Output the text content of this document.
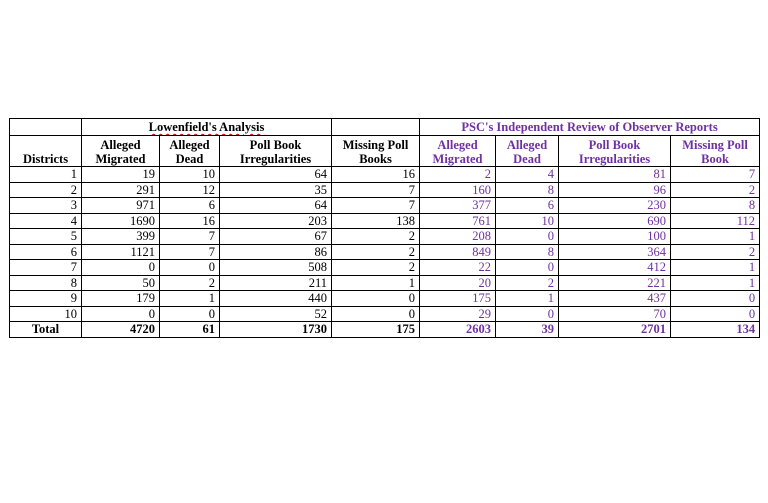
	Lowenfield's Analysis				PSC's Independent Review of Observer Reports			
Districts	Alleged Migrated	Alleged Dead	Poll Book Irregularities	Missing Poll Books	Alleged Migrated	Alleged Dead	Poll Book Irregularities	Missing Poll Book
1	19	10	64	16	2	4	81	7
2	291	12	35	7	160	8	96	2
3	971	6	64	7	377	6	230	8
4	1690	16	203	138	761	10	690	112
5	399	7	67	2	208	0	100	1
6	1121	7	86	2	849	8	364	2
7	0	0	508	2	22	0	412	1
8	50	2	211	1	20	2	221	1
9	179	1	440	0	175	1	437	0
10	0	0	52	0	29	0	70	0
Total	4720	61	1730	175	2603	39	2701	134
